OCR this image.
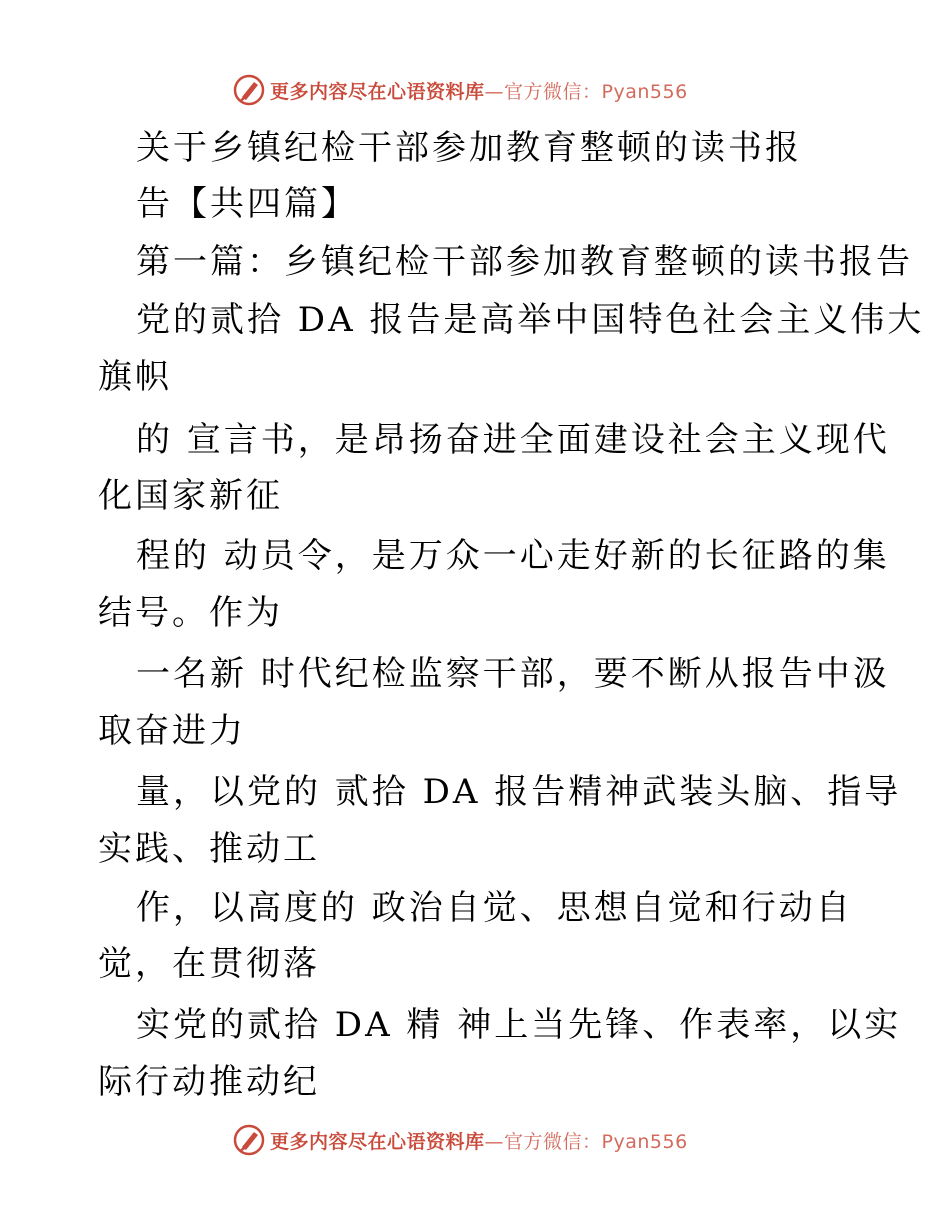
更多内容尽在心语资料库 —官方微信：Pyan556
关于乡镇纪检干部参加教育整顿的读书报
告【共四篇】
第一篇：乡镇纪检干部参加教育整顿的读书报告
党的贰拾 DA 报告是高举中国特色社会主义伟大
旗帜
的 宣言书，是昂扬奋进全面建设社会主义现代
化国家新征
程的 动员令，是万众一心走好新的长征路的集
结号。作为
一名新 时代纪检监察干部，要不断从报告中汲
取奋进力
量，以党的 贰拾 DA 报告精神武装头脑、指导
实践、推动工
作，以高度的 政治自觉、思想自觉和行动自
觉，在贯彻落
实党的贰拾 DA 精 神上当先锋、作表率，以实
际行动推动纪
更多内容尽在心语资料库 —官方微信：Pyan556
